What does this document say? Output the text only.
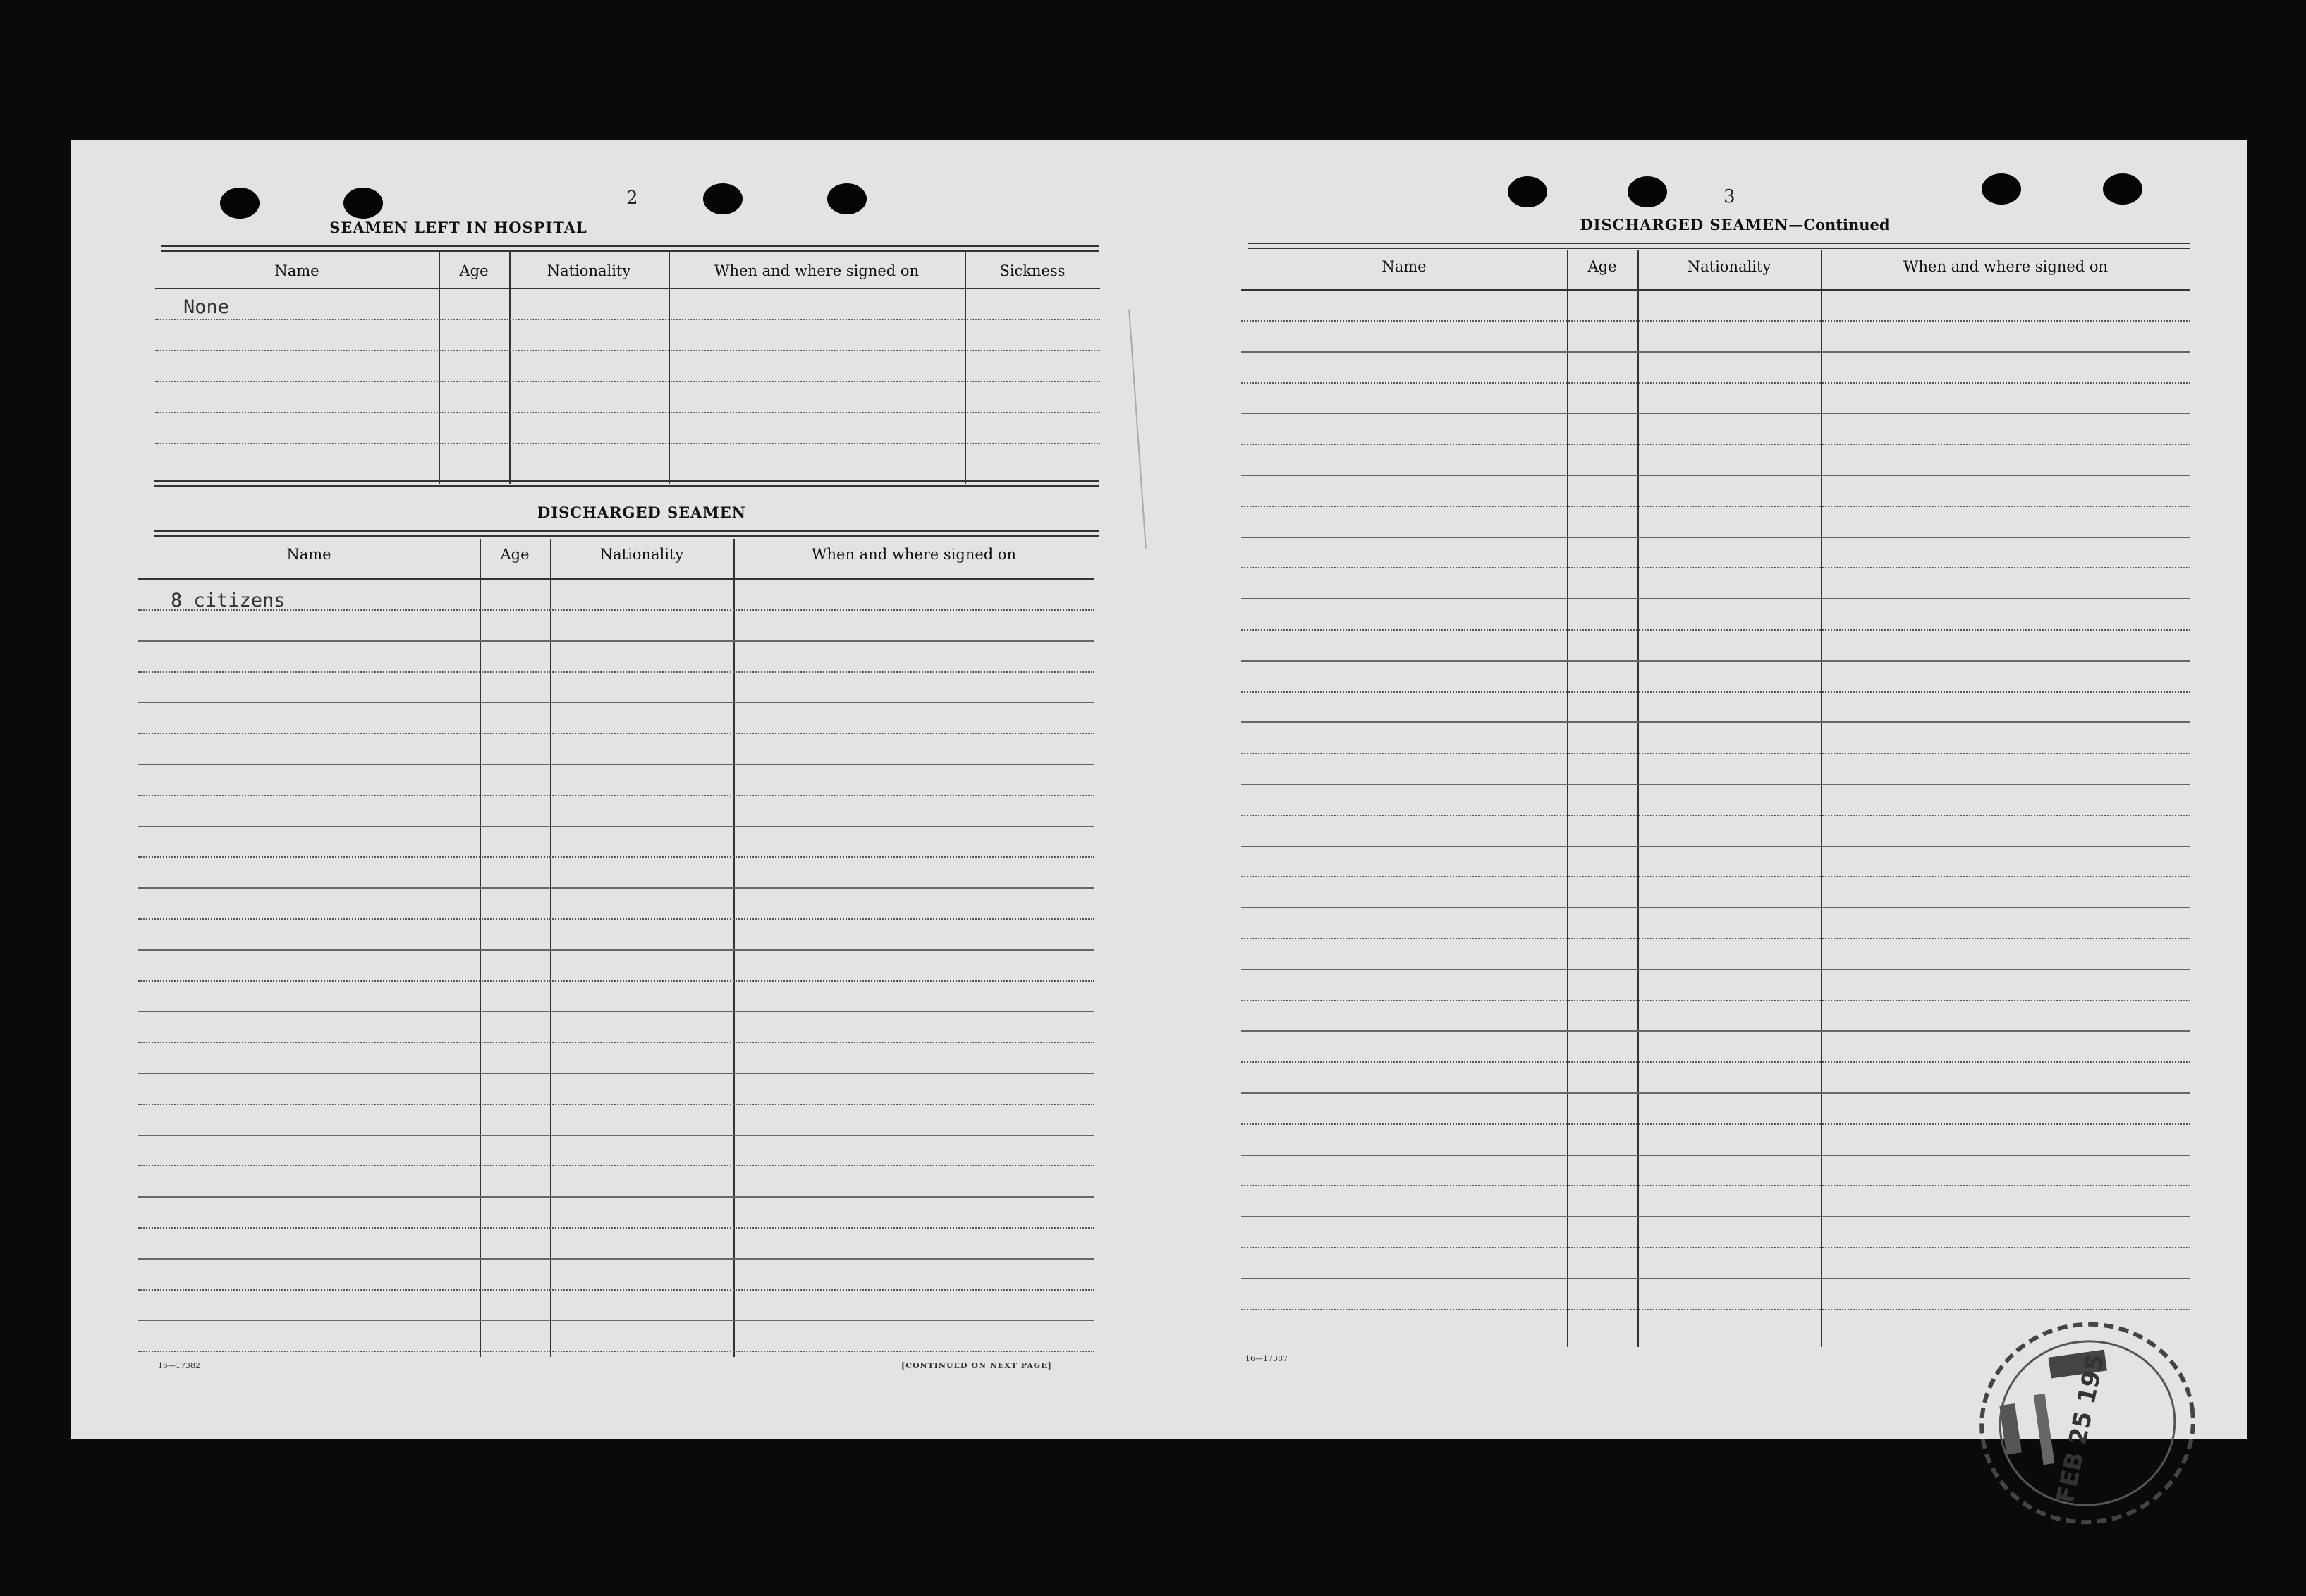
2
SEAMEN LEFT IN HOSPITAL
Name	Age	Nationality	When and where signed on	Sickness
None
DISCHARGED SEAMEN
Name	Age	Nationality	When and where signed on
8 citizens
16—17382	[CONTINUED ON NEXT PAGE]
3
DISCHARGED SEAMEN—Continued
Name	Age	Nationality	When and where signed on
16—17387	FEB 25 195
